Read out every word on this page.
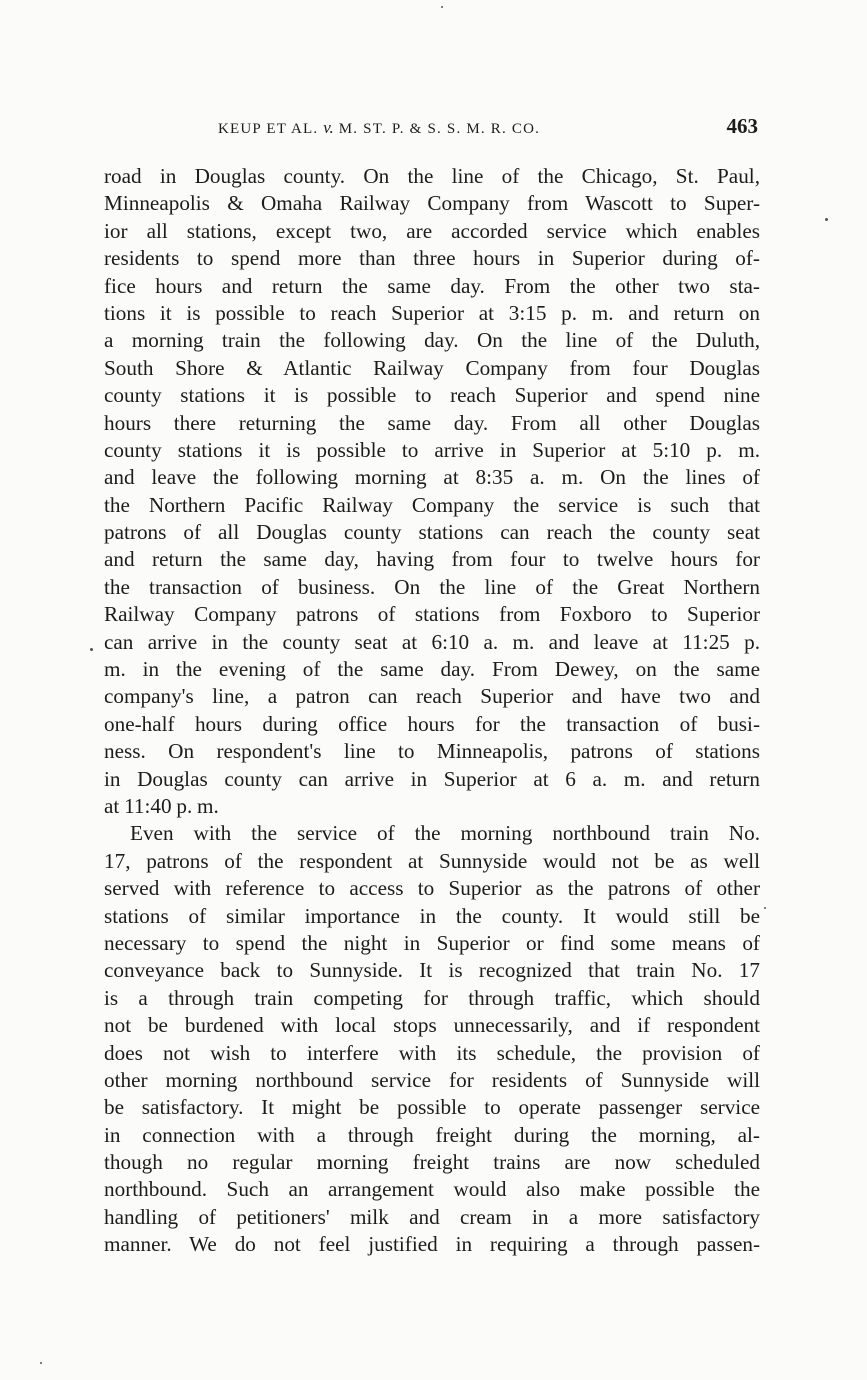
KEUP ET AL. v. M. ST. P. & S. S. M. R. CO.	463
road in Douglas county. On the line of the Chicago, St. Paul,
Minneapolis & Omaha Railway Company from Wascott to Super-
ior all stations, except two, are accorded service which enables
residents to spend more than three hours in Superior during of-
fice hours and return the same day. From the other two sta-
tions it is possible to reach Superior at 3:15 p. m. and return on
a morning train the following day. On the line of the Duluth,
South Shore & Atlantic Railway Company from four Douglas
county stations it is possible to reach Superior and spend nine
hours there returning the same day. From all other Douglas
county stations it is possible to arrive in Superior at 5:10 p. m.
and leave the following morning at 8:35 a. m. On the lines of
the Northern Pacific Railway Company the service is such that
patrons of all Douglas county stations can reach the county seat
and return the same day, having from four to twelve hours for
the transaction of business. On the line of the Great Northern
Railway Company patrons of stations from Foxboro to Superior
can arrive in the county seat at 6:10 a. m. and leave at 11:25 p.
m. in the evening of the same day. From Dewey, on the same
company's line, a patron can reach Superior and have two and
one-half hours during office hours for the transaction of busi-
ness. On respondent's line to Minneapolis, patrons of stations
in Douglas county can arrive in Superior at 6 a. m. and return
at 11:40 p. m.
Even with the service of the morning northbound train No.
17, patrons of the respondent at Sunnyside would not be as well
served with reference to access to Superior as the patrons of other
stations of similar importance in the county. It would still be
necessary to spend the night in Superior or find some means of
conveyance back to Sunnyside. It is recognized that train No. 17
is a through train competing for through traffic, which should
not be burdened with local stops unnecessarily, and if respondent
does not wish to interfere with its schedule, the provision of
other morning northbound service for residents of Sunnyside will
be satisfactory. It might be possible to operate passenger service
in connection with a through freight during the morning, al-
though no regular morning freight trains are now scheduled
northbound. Such an arrangement would also make possible the
handling of petitioners' milk and cream in a more satisfactory
manner. We do not feel justified in requiring a through passen-
